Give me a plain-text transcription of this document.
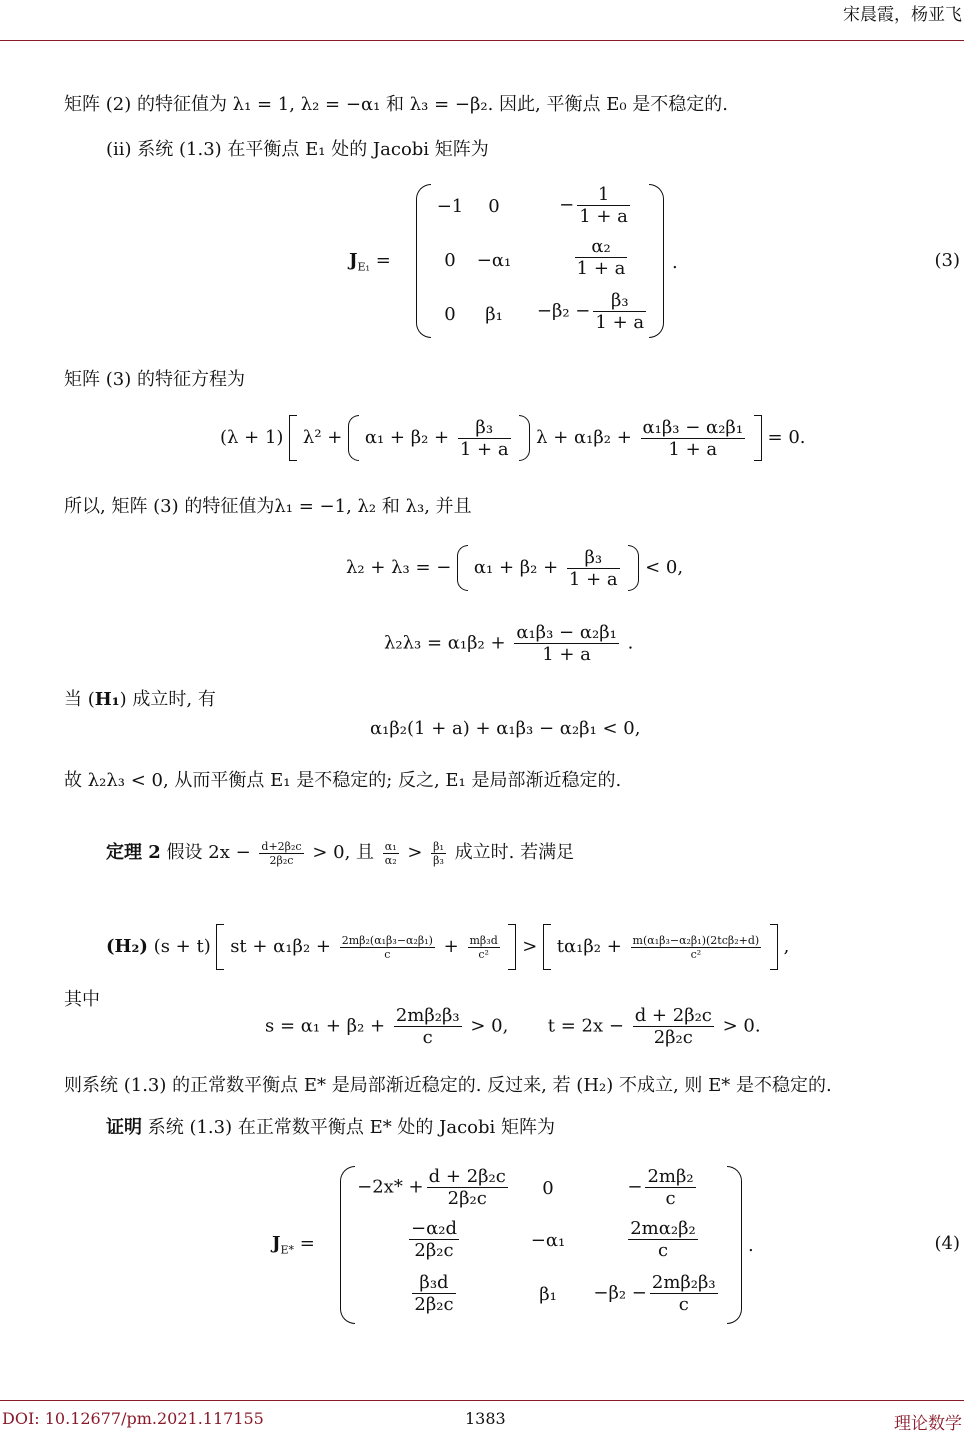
宋晨霞，杨亚飞
矩阵 (2) 的特征值为 λ₁ = 1, λ₂ = −α₁ 和 λ₃ = −β₂. 因此, 平衡点 E₀ 是不稳定的.
(ii) 系统 (1.3) 在平衡点 E₁ 处的 Jacobi 矩阵为
$J_{E_1}$ =
−1	0	− $\frac{1}{1 + a}$
0	−α₁	$\frac{\text{α₂}}{1 + a}$
0	β₁	$-\beta_2 - \frac{\text{β₃}}{1 + a}$
.	(3)
矩阵 (3) 的特征方程为
(λ + 1) $\lambda^2 + \alpha_1 + \beta_2 + \frac{\text{β₃}}{1 + a}$ $\lambda + \alpha_1\beta_2 + \frac{\text{α₁β₃ − α₂β₁}}{1 + a} = 0$.
所以, 矩阵 (3) 的特征值为λ₁ = −1, λ₂ 和 λ₃, 并且
λ₂ + λ₃ = − $\alpha_1 + \beta_2 + \frac{\text{β₃}}{1 + a} < 0$,
$\lambda_2\lambda_3 = \alpha_1\beta_2 + \frac{\text{α₁β₃ − α₂β₁}}{1 + a}$ .
当 (H₁) 成立时, 有
α₁β₂(1 + a) + α₁β₃ − α₂β₁ < 0,
故 λ₂λ₃ < 0, 从而平衡点 E₁ 是不稳定的; 反之, E₁ 是局部渐近稳定的.
定理 2 假设 $2x - \frac{\text{d+2β₂c}}{\text{2β₂c}} > 0$, 且 $\frac{\text{α₁}}{\text{α₂}} > \frac{\text{β₁}}{\text{β₃}}$ 成立时. 若满足
(H₂) (s + t) st + $\alpha_1\beta_2 + \frac{\text{2mβ₂(α₁β₃−α₂β₁)}}{c} + \frac{\text{mβ₃d}}{\text{c²}} > t\alpha_1\beta_2 + \frac{\text{m(α₁β₃−α₂β₁)(2tcβ₂+d)}}{\text{c²}}$ ,
其中
$s = \alpha_1 + \beta_2 + \frac{\text{2mβ₂β₃}}{c} > 0$, $t = 2x - \frac{\text{d + 2β₂c}}{\text{2β₂c}} > 0$.
则系统 (1.3) 的正常数平衡点 E* 是局部渐近稳定的. 反过来, 若 (H₂) 不成立, 则 E* 是不稳定的.
证明 系统 (1.3) 在正常数平衡点 E* 处的 Jacobi 矩阵为
$J_{E*}$ =
$-2x* + \frac{\text{d + 2β₂c}}{\text{2β₂c}}$	0	− $\frac{\text{2mβ₂}}{c}$
$\frac{\text{−α₂d}}{\text{2β₂c}}$	−α₁	$\frac{\text{2mα₂β₂}}{c}$
$\frac{\text{β₃d}}{\text{2β₂c}}$	β₁	$-\beta_2 - \frac{\text{2mβ₂β₃}}{c}$
.	(4)
DOI: 10.12677/pm.2021.117155	1383	理论数学
